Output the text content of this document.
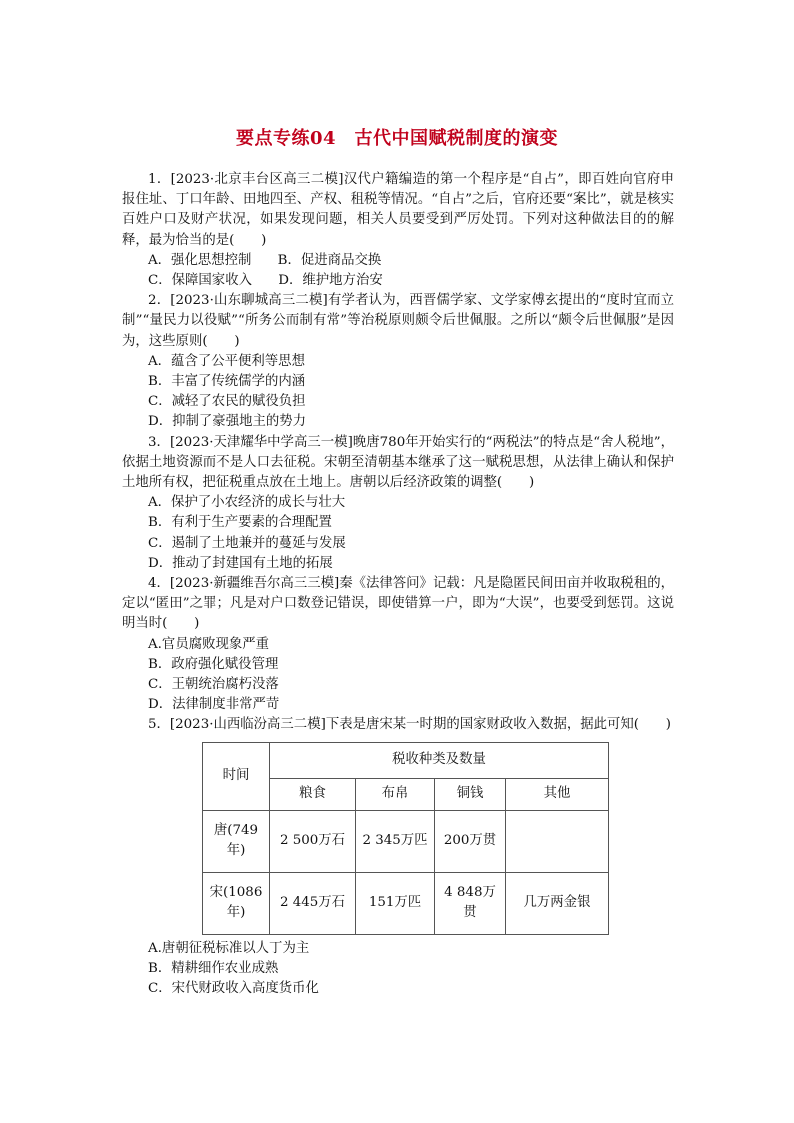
要点专练04　古代中国赋税制度的演变

1．[2023·北京丰台区高三二模]汉代户籍编造的第一个程序是“自占”，即百姓向官府申报住址、丁口年龄、田地四至、产权、租税等情况。“自占”之后，官府还要“案比”，就是核实百姓户口及财产状况，如果发现问题，相关人员要受到严厉处罚。下列对这种做法目的的解释，最为恰当的是(　　)

A．强化思想控制 B．促进商品交换

C．保障国家收入 D．维护地方治安

2．[2023·山东聊城高三二模]有学者认为，西晋儒学家、文学家傅玄提出的“度时宜而立制”“量民力以役赋”“所务公而制有常”等治税原则颇令后世佩服。之所以“颇令后世佩服”是因为，这些原则(　　)

A．蕴含了公平便利等思想

B．丰富了传统儒学的内涵

C．减轻了农民的赋役负担

D．抑制了豪强地主的势力

3．[2023·天津耀华中学高三一模]晚唐780年开始实行的“两税法”的特点是“舍人税地”，依据土地资源而不是人口去征税。宋朝至清朝基本继承了这一赋税思想，从法律上确认和保护土地所有权，把征税重点放在土地上。唐朝以后经济政策的调整(　　)

A．保护了小农经济的成长与壮大

B．有利于生产要素的合理配置

C．遏制了土地兼并的蔓延与发展

D．推动了封建国有土地的拓展

4．[2023·新疆维吾尔高三三模]秦《法律答问》记载：凡是隐匿民间田亩并收取税租的，定以“匿田”之罪；凡是对户口数登记错误，即使错算一户，即为“大误”，也要受到惩罚。这说明当时(　　)

A.官员腐败现象严重

B．政府强化赋役管理

C．王朝统治腐朽没落

D．法律制度非常严苛

5．[2023·山西临汾高三二模]下表是唐宋某一时期的国家财政收入数据，据此可知(　　)

时间	税收种类及数量			
	粮食	布帛	铜钱	其他
唐(749年)	2 500万石	2 345万匹	200万贯	
宋(1086年)	2 445万石	151万匹	4 848万贯	几万两金银

A.唐朝征税标准以人丁为主

B．精耕细作农业成熟

C．宋代财政收入高度货币化
